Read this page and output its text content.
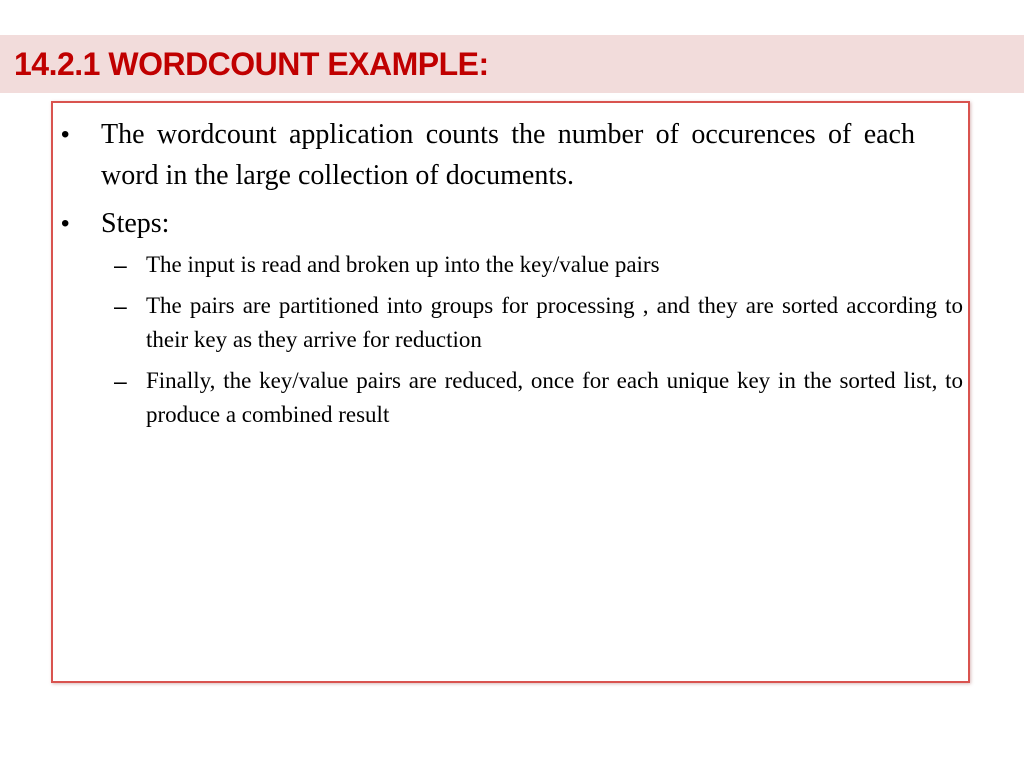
14.2.1 WORDCOUNT EXAMPLE:
• The wordcount application counts the number of occurences of each word in the large collection of documents.
• Steps:
– The input is read and broken up into the key/value pairs
– The pairs are partitioned into groups for processing , and they are sorted according to their key as they arrive for reduction
– Finally, the key/value pairs are reduced, once for each unique key in the sorted list, to produce a combined result
